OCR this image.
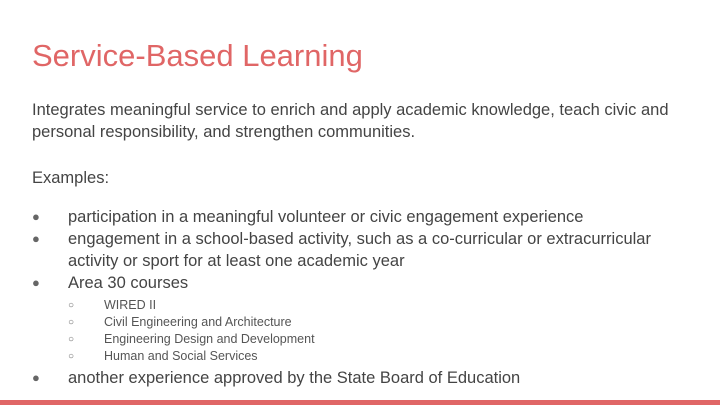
Service-Based Learning
Integrates meaningful service to enrich and apply academic knowledge, teach civic and personal responsibility, and strengthen communities.
Examples:
●	participation in a meaningful volunteer or civic engagement experience
●	engagement in a school-based activity, such as a co-curricular or extracurricular activity or sport for at least one academic year
●	Area 30 courses
○ WIRED II
○ Civil Engineering and Architecture
○ Engineering Design and Development
○ Human and Social Services
●	another experience approved by the State Board of Education
